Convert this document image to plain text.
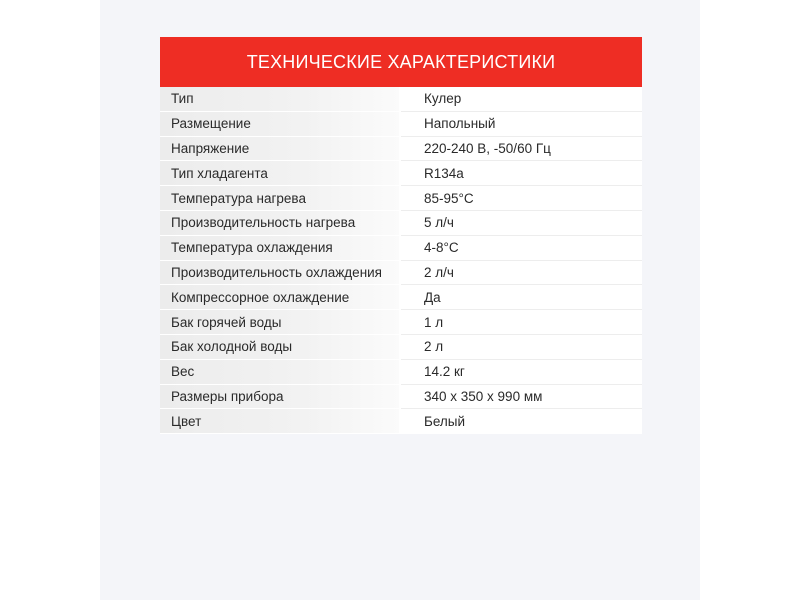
ТЕХНИЧЕСКИЕ ХАРАКТЕРИСТИКИ
Тип	Кулер
Размещение	Напольный
Напряжение	220-240 В, -50/60 Гц
Тип хладагента	R134a
Температура нагрева	85-95°C
Производительность нагрева	5 л/ч
Температура охлаждения	4-8°C
Производительность охлаждения	2 л/ч
Компрессорное охлаждение	Да
Бак горячей воды	1 л
Бак холодной воды	2 л
Вес	14.2 кг
Размеры прибора	340 x 350 x 990 мм
Цвет	Белый
